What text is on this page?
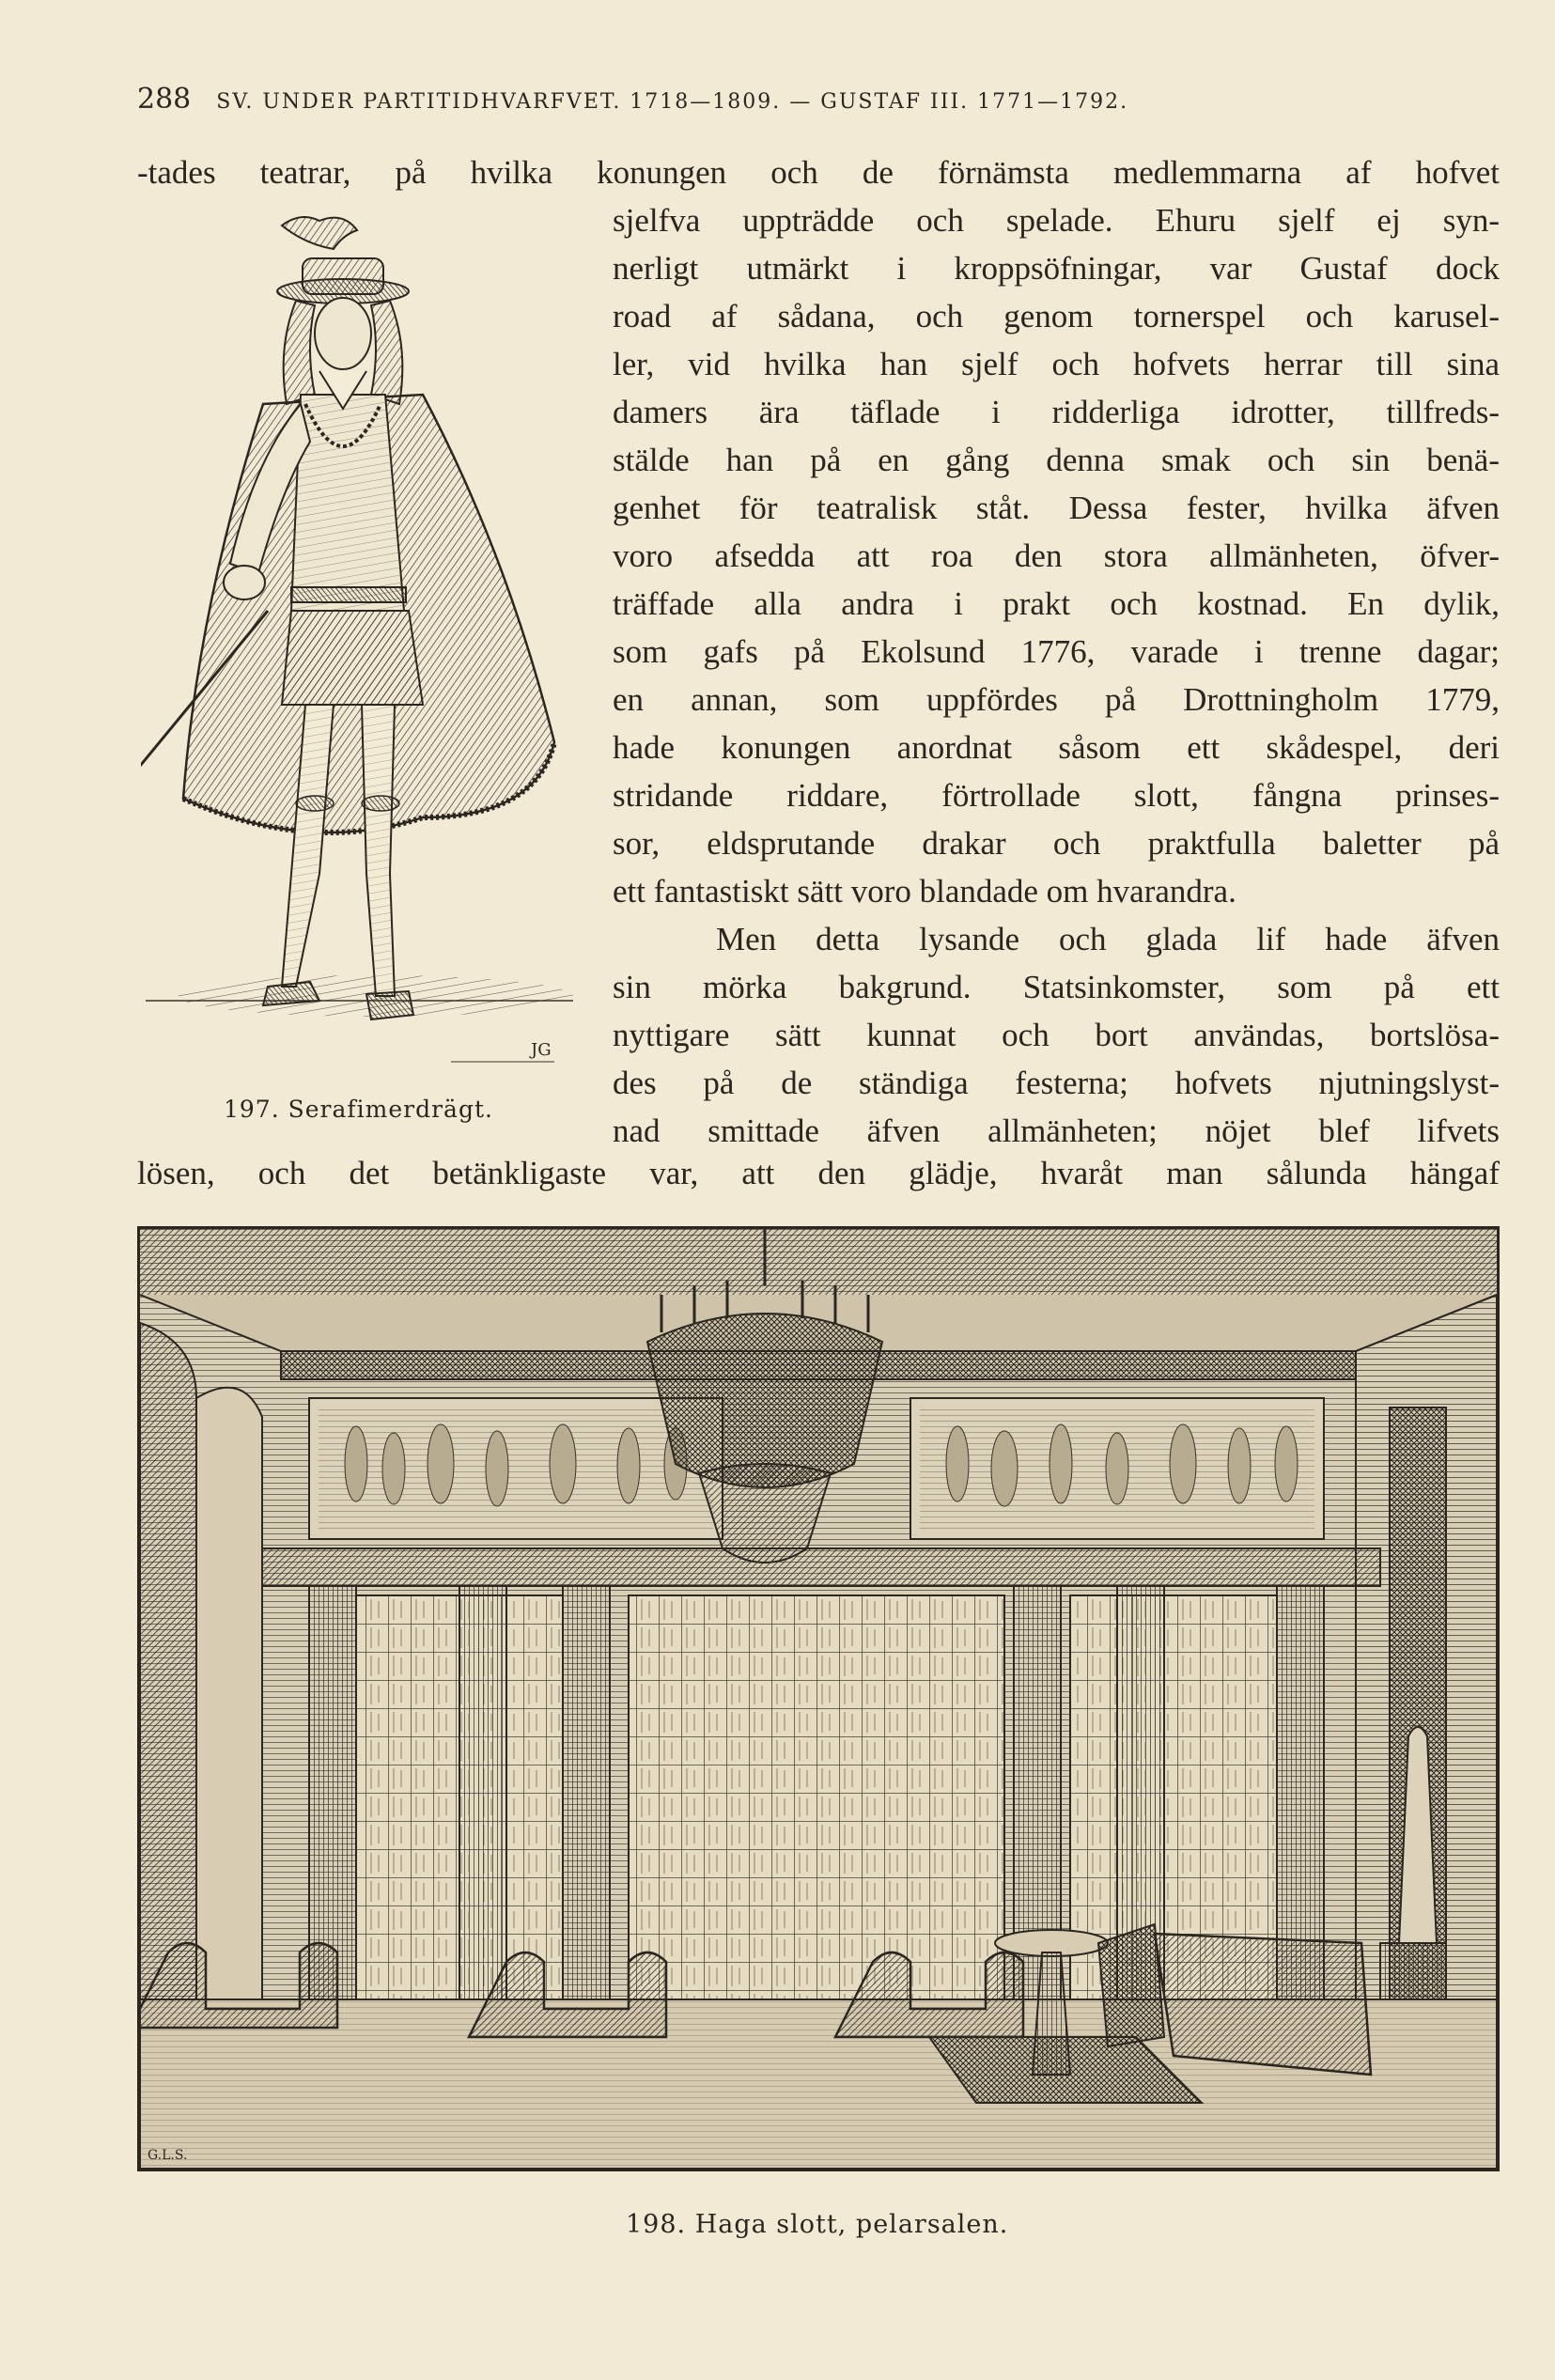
288 SV. UNDER PARTITIDHVARFVET. 1718—1809. — GUSTAF III. 1771—1792.
-tades teatrar, på hvilka konungen och de förnämsta medlemmarna af hofvet
sjelfva uppträdde och spelade. Ehuru sjelf ej syn-
nerligt utmärkt i kroppsöfningar, var Gustaf dock
road af sådana, och genom tornerspel och karusel-
ler, vid hvilka han sjelf och hofvets herrar till sina
damers ära täflade i ridderliga idrotter, tillfreds-
stälde han på en gång denna smak och sin benä-
genhet för teatralisk ståt. Dessa fester, hvilka äfven
voro afsedda att roa den stora allmänheten, öfver-
träffade alla andra i prakt och kostnad. En dylik,
som gafs på Ekolsund 1776, varade i trenne dagar;
en annan, som uppfördes på Drottningholm 1779,
hade konungen anordnat såsom ett skådespel, deri
stridande riddare, förtrollade slott, fångna prinses-
sor, eldsprutande drakar och praktfulla baletter på
ett fantastiskt sätt voro blandade om hvarandra.
Men detta lysande och glada lif hade äfven
sin mörka bakgrund. Statsinkomster, som på ett
nyttigare sätt kunnat och bort användas, bortslösa-
des på de ständiga festerna; hofvets njutningslyst-
nad smittade äfven allmänheten; nöjet blef lifvets
lösen, och det betänkligaste var, att den glädje, hvaråt man sålunda hängaf
JG
197. Serafimerdrägt.
G.L.S.
198. Haga slott, pelarsalen.
